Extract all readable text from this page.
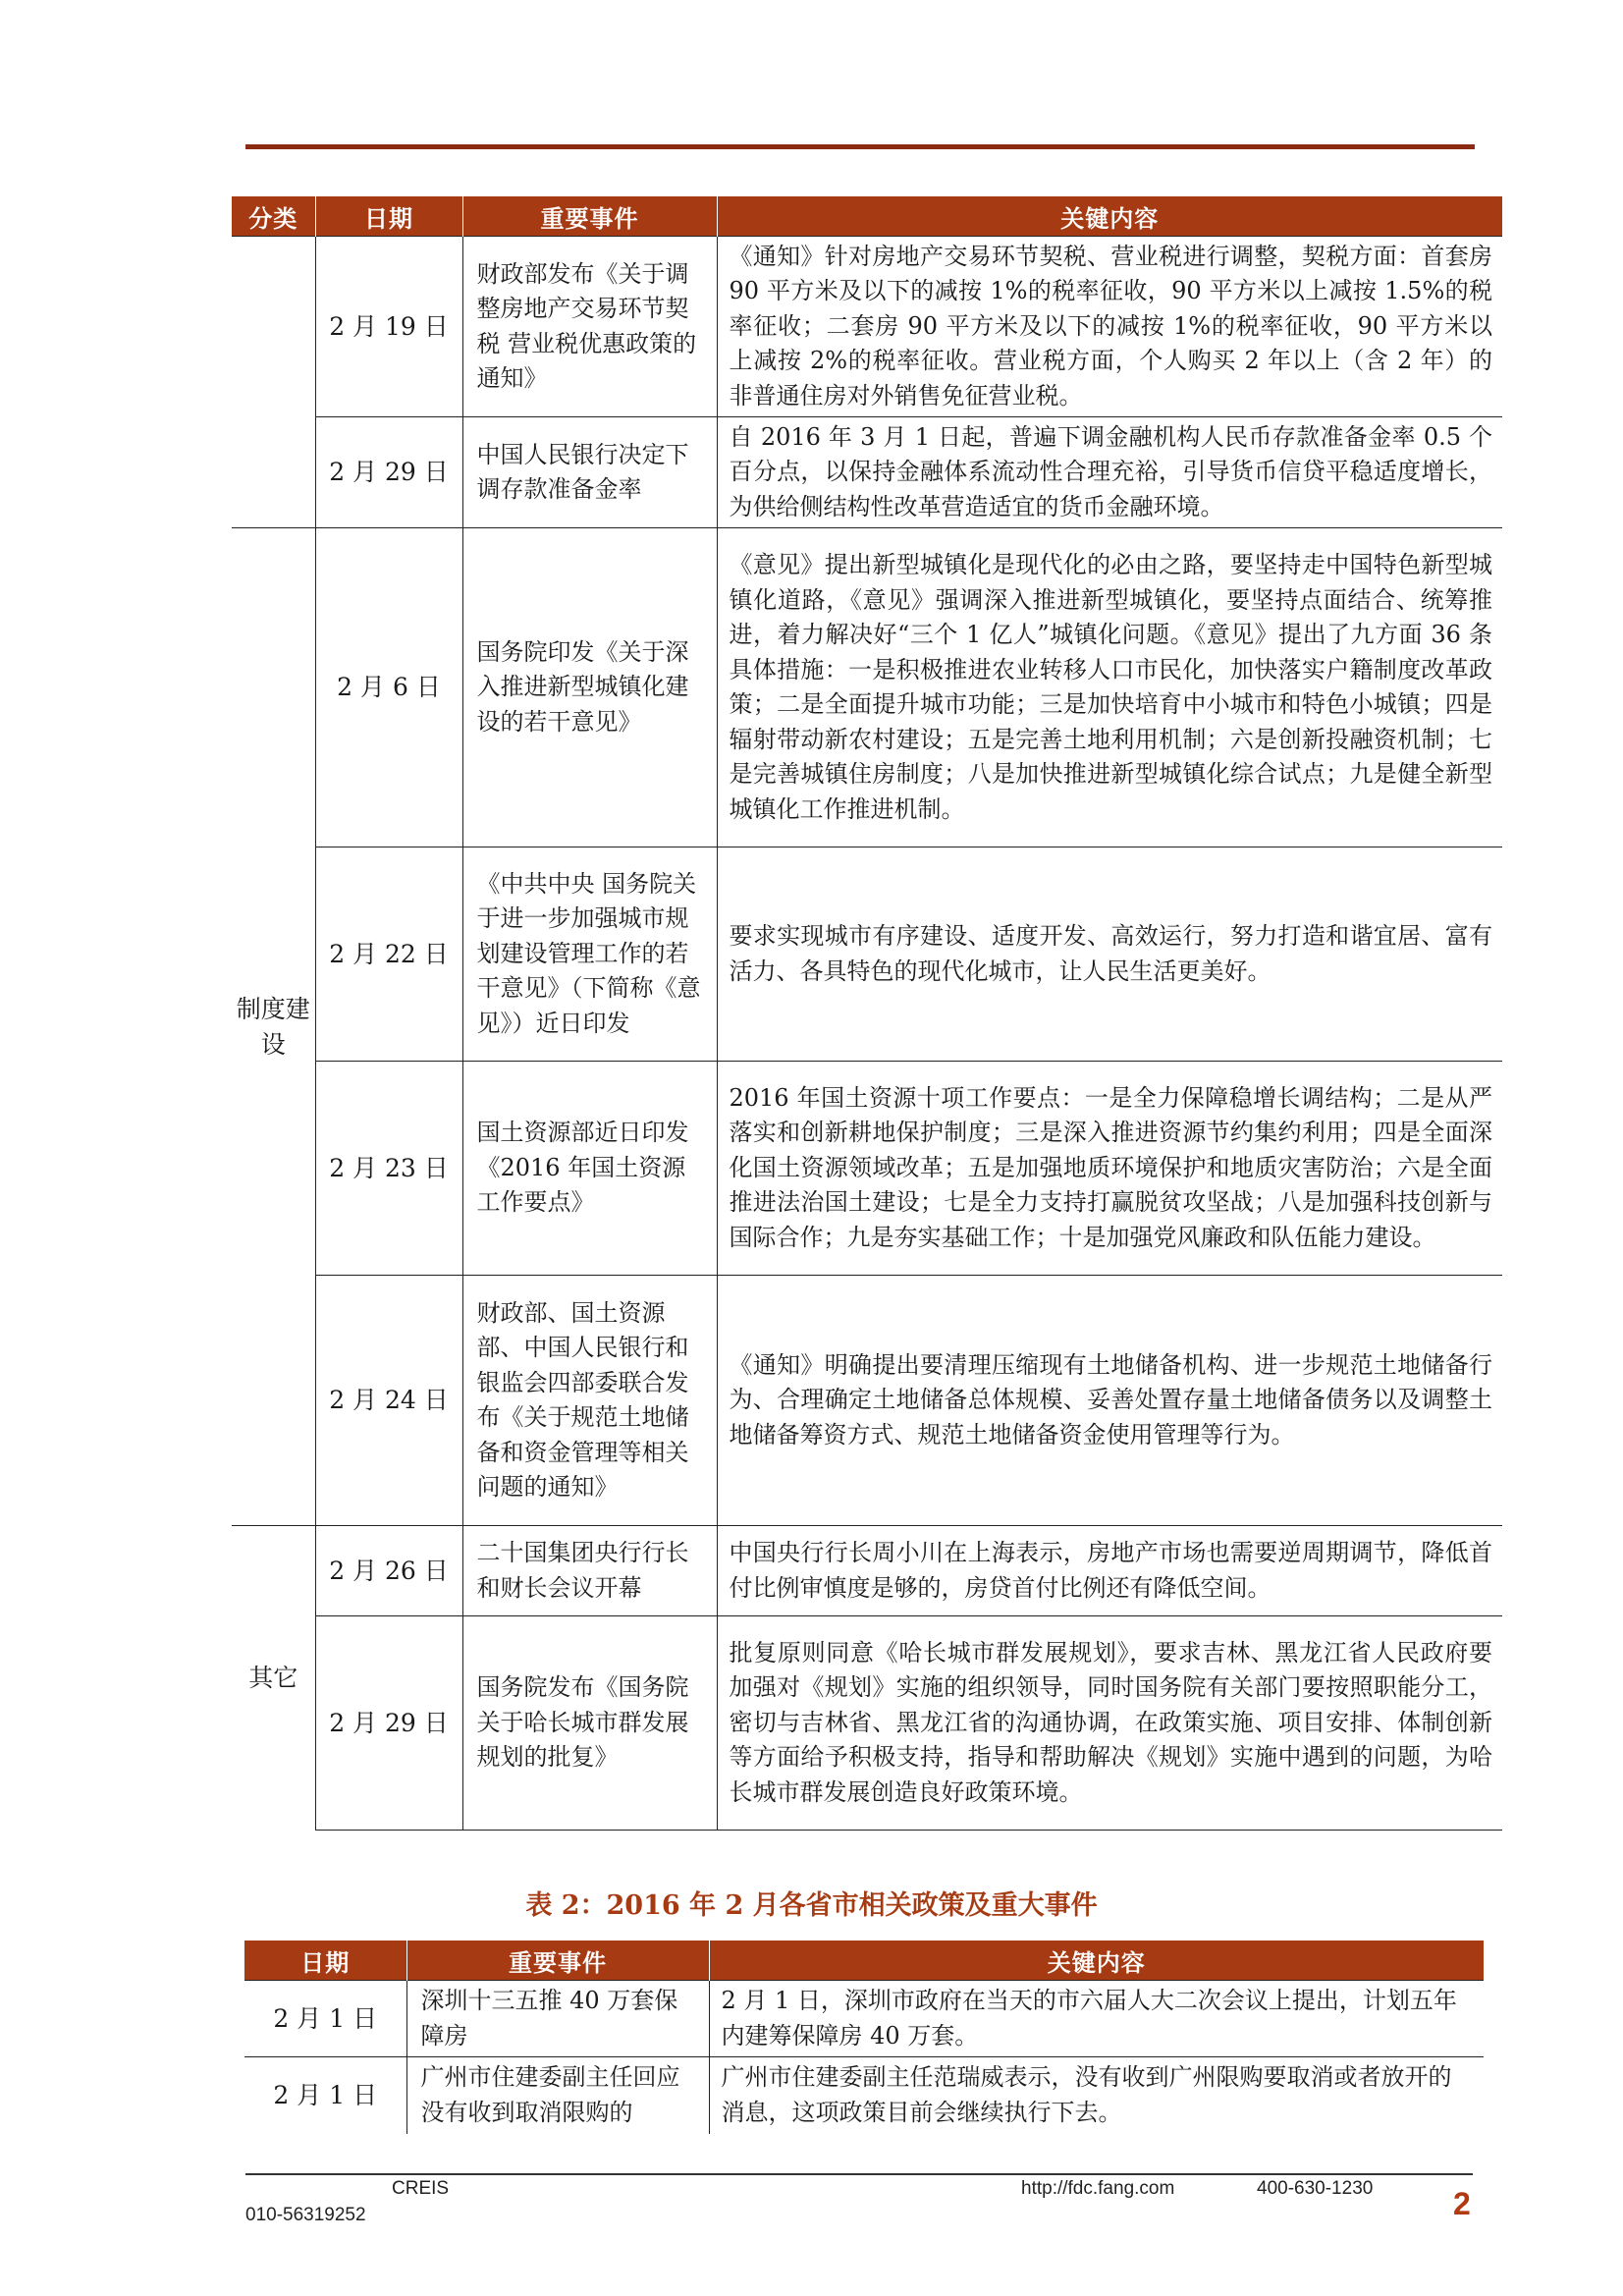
分类	日期	重要事件	关键内容
	2 月 19 日	财政部发布《关于调整房地产交易环节契税 营业税优惠政策的通知》	《通知》针对房地产交易环节契税、营业税进行调整，契税方面：首套房 90 平方米及以下的减按 1%的税率征收，90 平方米以上减按 1.5%的税率征收；二套房 90 平方米及以下的减按 1%的税率征收，90 平方米以上减按 2%的税率征收。营业税方面，个人购买 2 年以上（含 2 年）的非普通住房对外销售免征营业税。
	2 月 29 日	中国人民银行决定下调存款准备金率	自 2016 年 3 月 1 日起，普遍下调金融机构人民币存款准备金率 0.5 个百分点，以保持金融体系流动性合理充裕，引导货币信贷平稳适度增长，为供给侧结构性改革营造适宜的货币金融环境。
制度建设	2 月 6 日	国务院印发《关于深入推进新型城镇化建设的若干意见》	《意见》提出新型城镇化是现代化的必由之路，要坚持走中国特色新型城镇化道路，《意见》强调深入推进新型城镇化，要坚持点面结合、统筹推进，着力解决好“三个 1 亿人”城镇化问题。《意见》提出了九方面 36 条具体措施：一是积极推进农业转移人口市民化，加快落实户籍制度改革政策；二是全面提升城市功能；三是加快培育中小城市和特色小城镇；四是辐射带动新农村建设；五是完善土地利用机制；六是创新投融资机制；七是完善城镇住房制度；八是加快推进新型城镇化综合试点；九是健全新型城镇化工作推进机制。
	2 月 22 日	《中共中央 国务院关于进一步加强城市规划建设管理工作的若干意见》（下简称《意见》）近日印发	要求实现城市有序建设、适度开发、高效运行，努力打造和谐宜居、富有活力、各具特色的现代化城市，让人民生活更美好。
	2 月 23 日	国土资源部近日印发《2016 年国土资源工作要点》	2016 年国土资源十项工作要点：一是全力保障稳增长调结构；二是从严落实和创新耕地保护制度；三是深入推进资源节约集约利用；四是全面深化国土资源领域改革；五是加强地质环境保护和地质灾害防治；六是全面推进法治国土建设；七是全力支持打赢脱贫攻坚战；八是加强科技创新与国际合作；九是夯实基础工作；十是加强党风廉政和队伍能力建设。
	2 月 24 日	财政部、国土资源部、中国人民银行和银监会四部委联合发布《关于规范土地储备和资金管理等相关问题的通知》	《通知》明确提出要清理压缩现有土地储备机构、进一步规范土地储备行为、合理确定土地储备总体规模、妥善处置存量土地储备债务以及调整土地储备筹资方式、规范土地储备资金使用管理等行为。
其它	2 月 26 日	二十国集团央行行长和财长会议开幕	中国央行行长周小川在上海表示，房地产市场也需要逆周期调节，降低首付比例审慎度是够的，房贷首付比例还有降低空间。
	2 月 29 日	国务院发布《国务院关于哈长城市群发展规划的批复》	批复原则同意《哈长城市群发展规划》，要求吉林、黑龙江省人民政府要加强对《规划》实施的组织领导，同时国务院有关部门要按照职能分工，密切与吉林省、黑龙江省的沟通协调，在政策实施、项目安排、体制创新等方面给予积极支持，指导和帮助解决《规划》实施中遇到的问题，为哈长城市群发展创造良好政策环境。
表 2：2016 年 2 月各省市相关政策及重大事件
日期	重要事件	关键内容
2 月 1 日	深圳十三五推 40 万套保障房	2 月 1 日，深圳市政府在当天的市六届人大二次会议上提出，计划五年内建筹保障房 40 万套。
2 月 1 日	广州市住建委副主任回应没有收到取消限购的	广州市住建委副主任范瑞威表示，没有收到广州限购要取消或者放开的消息，这项政策目前会继续执行下去。
CREIS
010-56319252
http://fdc.fang.com	400-630-1230	2
